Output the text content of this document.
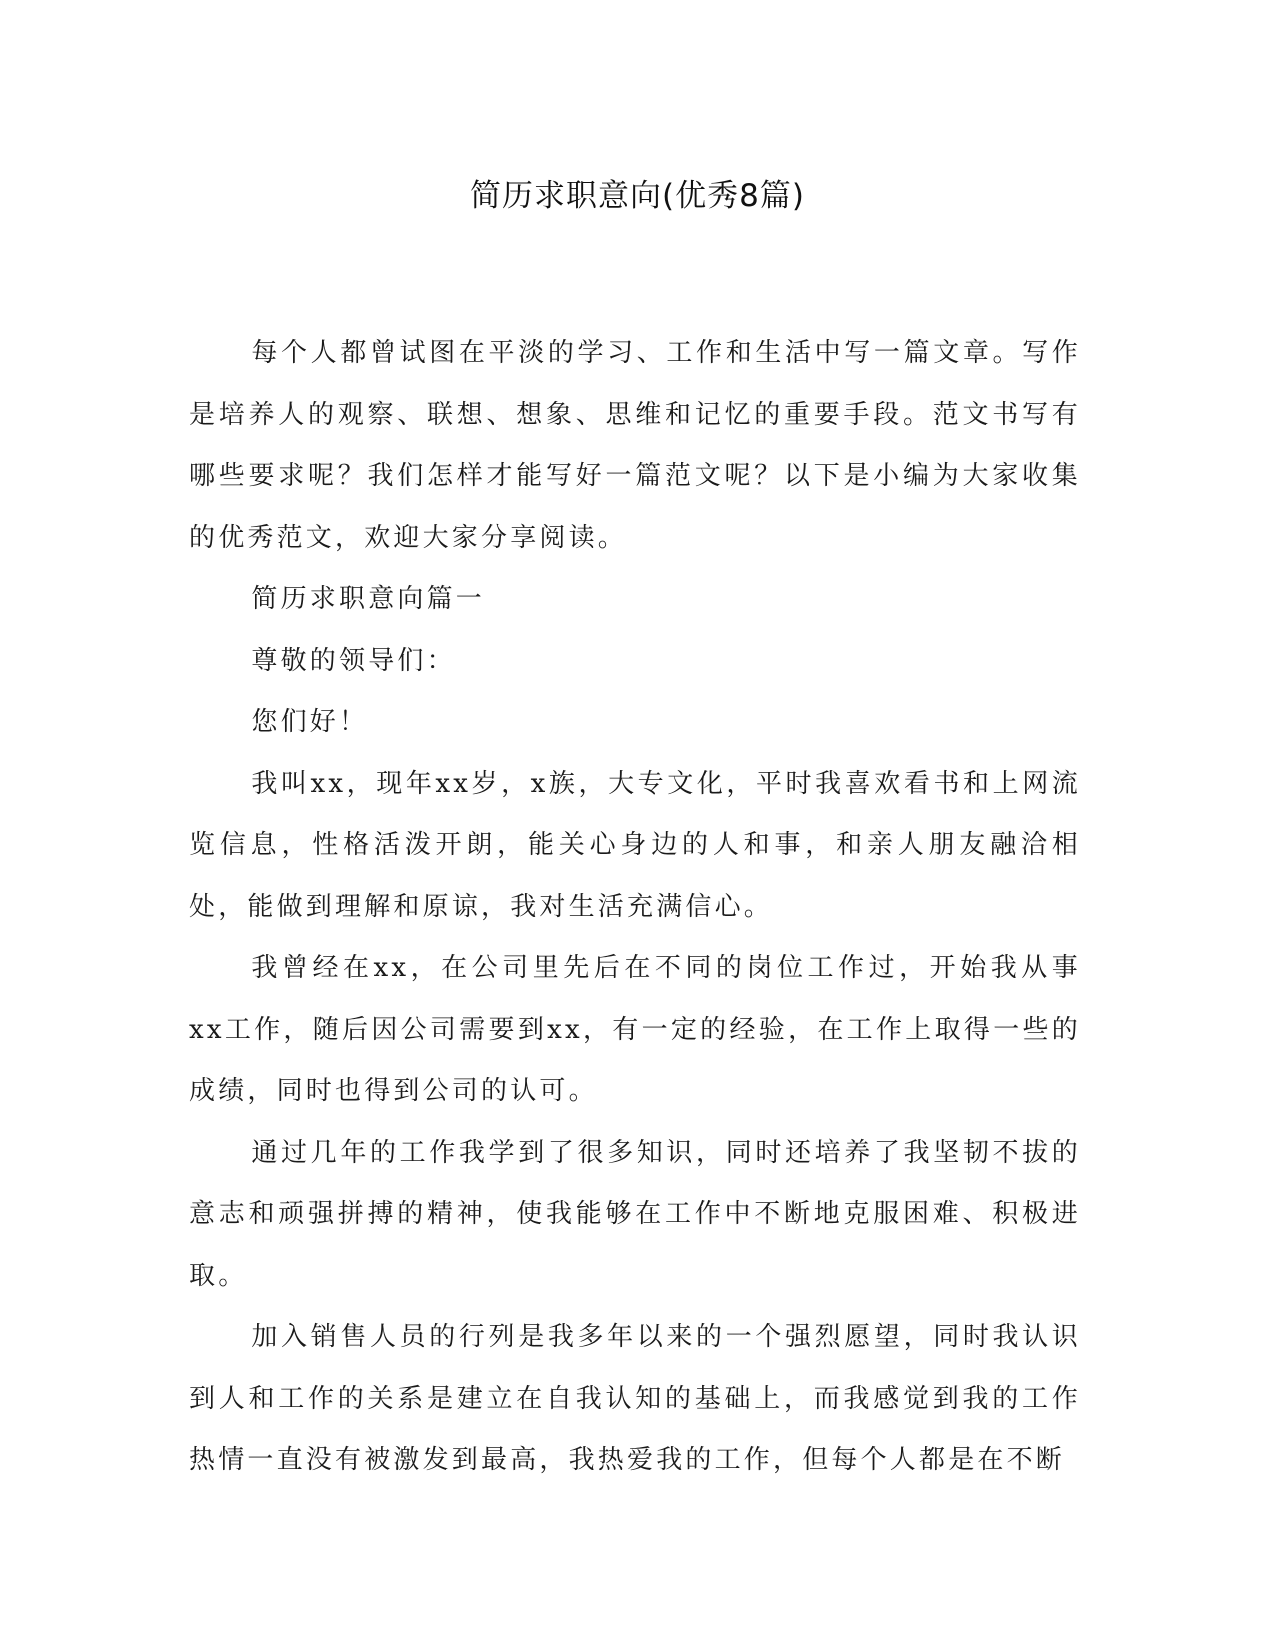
简历求职意向(优秀8篇)

每个人都曾试图在平淡的学习、工作和生活中写一篇文章。写作是培养人的观察、联想、想象、思维和记忆的重要手段。范文书写有哪些要求呢？我们怎样才能写好一篇范文呢？以下是小编为大家收集的优秀范文，欢迎大家分享阅读。

简历求职意向篇一

尊敬的领导们：

您们好！

我叫xx，现年xx岁，x族，大专文化，平时我喜欢看书和上网流览信息，性格活泼开朗，能关心身边的人和事，和亲人朋友融洽相处，能做到理解和原谅，我对生活充满信心。

我曾经在xx，在公司里先后在不同的岗位工作过，开始我从事xx工作，随后因公司需要到xx，有一定的经验，在工作上取得一些的成绩，同时也得到公司的认可。

通过几年的工作我学到了很多知识，同时还培养了我坚韧不拔的意志和顽强拼搏的精神，使我能够在工作中不断地克服困难、积极进取。

加入销售人员的行列是我多年以来的一个强烈愿望，同时我认识到人和工作的关系是建立在自我认知的基础上，而我感觉到我的工作热情一直没有被激发到最高，我热爱我的工作，但每个人都是在不断
